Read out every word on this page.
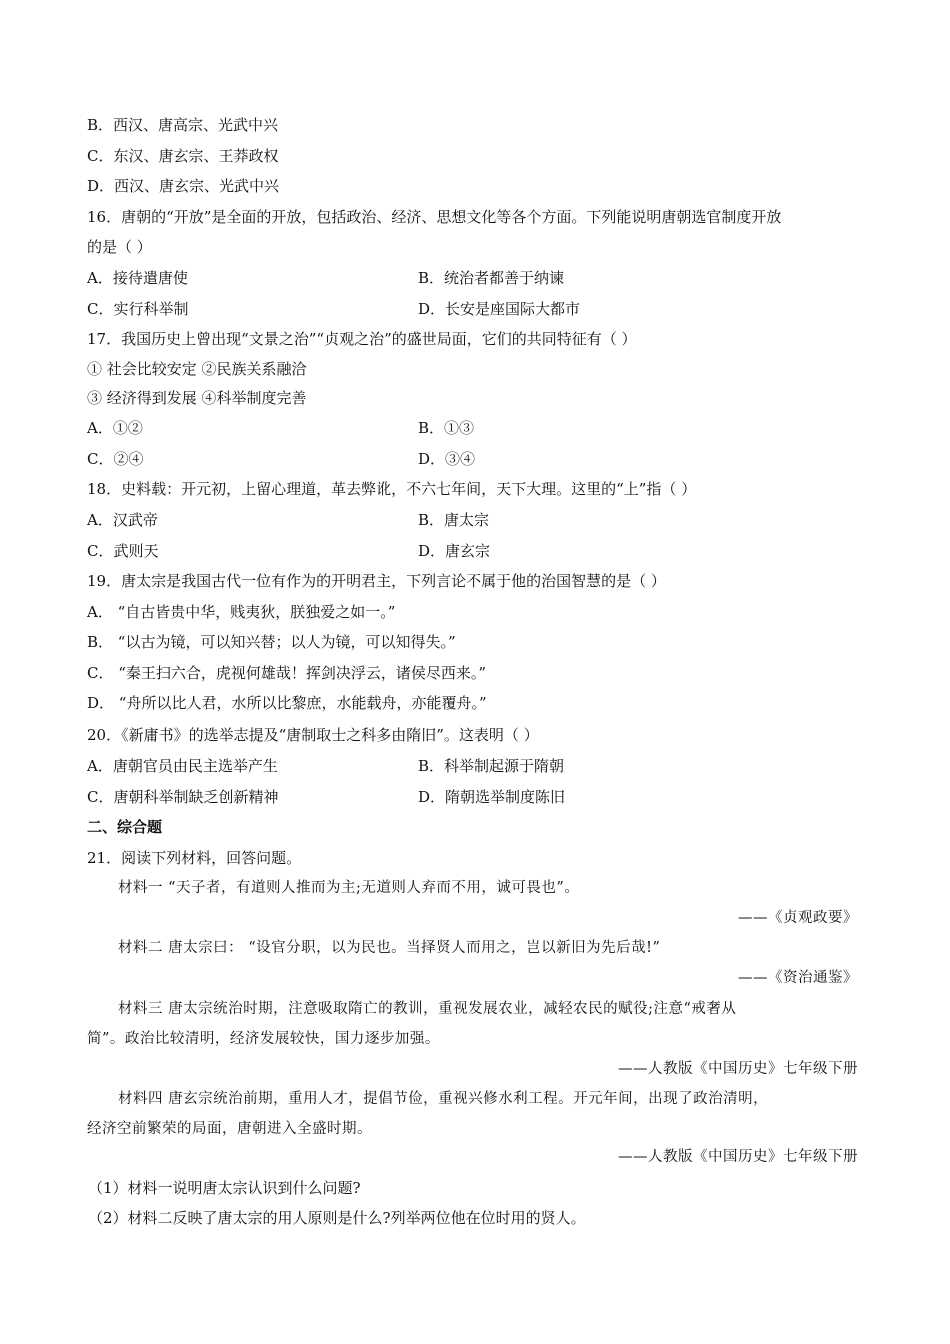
B．西汉、唐高宗、光武中兴
C．东汉、唐玄宗、王莽政权
D．西汉、唐玄宗、光武中兴
16．唐朝的“开放”是全面的开放，包括政治、经济、思想文化等各个方面。下列能说明唐朝选官制度开放
的是（ ）
A．接待遣唐使	B．统治者都善于纳谏
C．实行科举制	D．长安是座国际大都市
17．我国历史上曾出现“文景之治”“贞观之治”的盛世局面，它们的共同特征有（ ）
① 社会比较安定 ②民族关系融洽
③ 经济得到发展 ④科举制度完善
A．①②	B．①③
C．②④	D．③④
18．史料载：开元初，上留心理道，革去弊讹，不六七年间，天下大理。这里的“上”指（ ）
A．汉武帝	B．唐太宗
C．武则天	D．唐玄宗
19．唐太宗是我国古代一位有作为的开明君主，下列言论不属于他的治国智慧的是（ ）
A． “自古皆贵中华，贱夷狄，朕独爱之如一。”
B． “以古为镜，可以知兴替；以人为镜，可以知得失。”
C． “秦王扫六合，虎视何雄哉！挥剑决浮云，诸侯尽西来。”
D． “舟所以比人君，水所以比黎庶，水能载舟，亦能覆舟。”
20．《新庸书》的选举志提及“唐制取士之科多由隋旧”。这表明（ ）
A．唐朝官员由民主选举产生	B．科举制起源于隋朝
C．唐朝科举制缺乏创新精神	D．隋朝选举制度陈旧
二、综合题
21．阅读下列材料，回答问题。
材料一 “天子者，有道则人推而为主;无道则人弃而不用，诚可畏也”。
——《贞观政要》
材料二 唐太宗曰： “设官分职，以为民也。当择贤人而用之，岂以新旧为先后哉!”
——《资治通鉴》
材料三 唐太宗统治时期，注意吸取隋亡的教训，重视发展农业，减轻农民的赋役;注意“戒奢从
简”。政治比较清明，经济发展较快，国力逐步加强。
——人教版《中国历史》七年级下册
材料四 唐玄宗统治前期，重用人才，提倡节俭，重视兴修水利工程。开元年间，出现了政治清明，
经济空前繁荣的局面，唐朝进入全盛时期。
——人教版《中国历史》七年级下册
（1）材料一说明唐太宗认识到什么问题?
（2）材料二反映了唐太宗的用人原则是什么?列举两位他在位时用的贤人。
